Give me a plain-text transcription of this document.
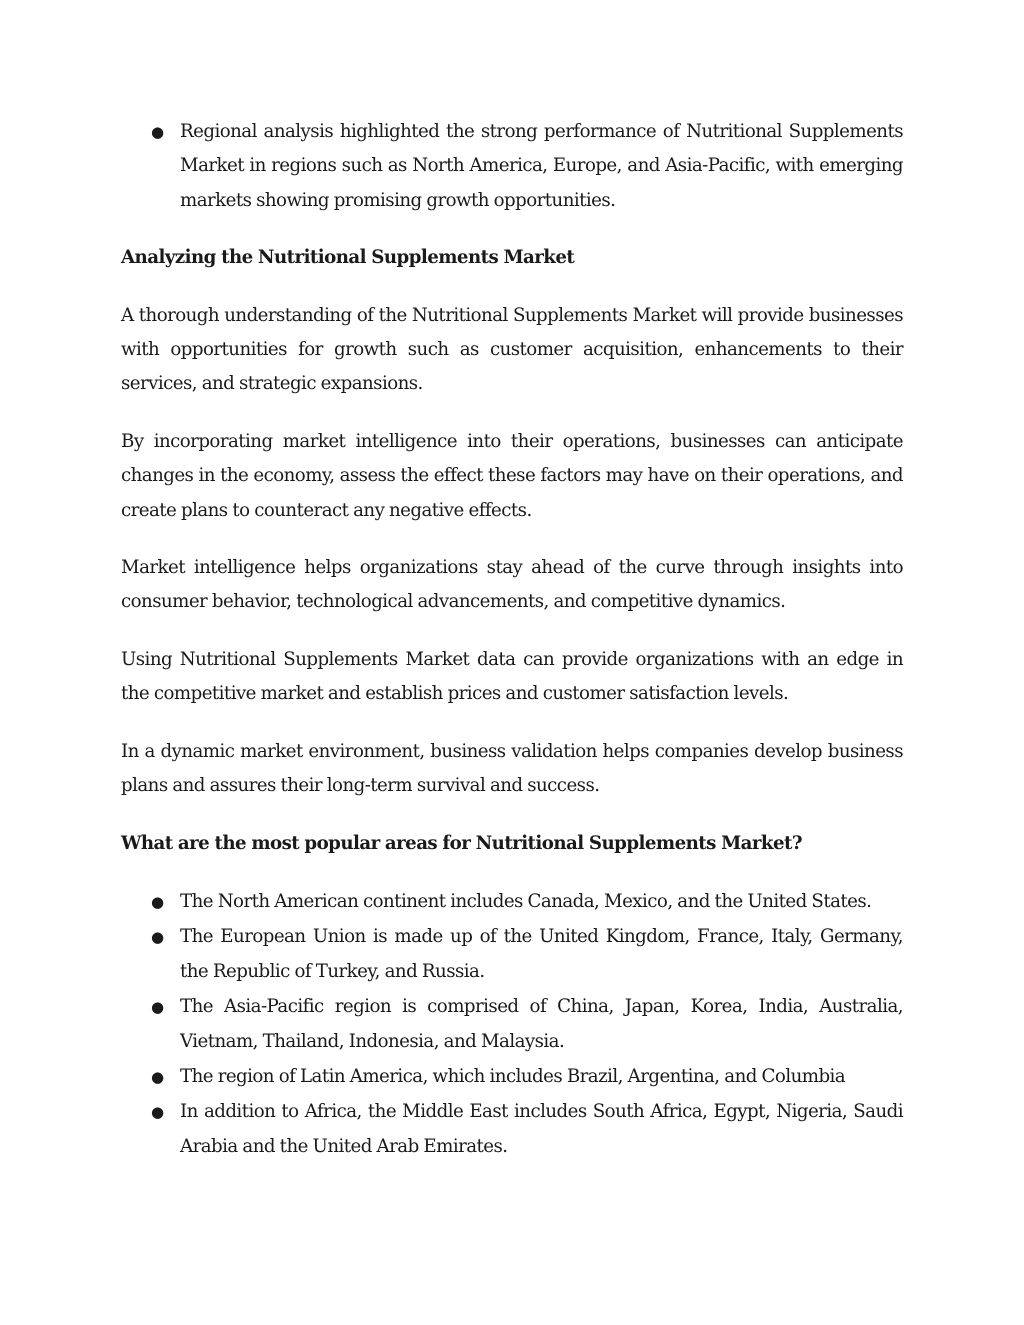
● Regional analysis highlighted the strong performance of Nutritional Supplements Market in regions such as North America, Europe, and Asia-Pacific, with emerging markets showing promising growth opportunities.
Analyzing the Nutritional Supplements Market

A thorough understanding of the Nutritional Supplements Market will provide businesses with opportunities for growth such as customer acquisition, enhancements to their services, and strategic expansions.

By incorporating market intelligence into their operations, businesses can anticipate changes in the economy, assess the effect these factors may have on their operations, and create plans to counteract any negative effects.

Market intelligence helps organizations stay ahead of the curve through insights into consumer behavior, technological advancements, and competitive dynamics.

Using Nutritional Supplements Market data can provide organizations with an edge in the competitive market and establish prices and customer satisfaction levels.

In a dynamic market environment, business validation helps companies develop business plans and assures their long-term survival and success.

What are the most popular areas for Nutritional Supplements Market?
● The North American continent includes Canada, Mexico, and the United States.
● The European Union is made up of the United Kingdom, France, Italy, Germany, the Republic of Turkey, and Russia.
● The Asia-Pacific region is comprised of China, Japan, Korea, India, Australia, Vietnam, Thailand, Indonesia, and Malaysia.
● The region of Latin America, which includes Brazil, Argentina, and Columbia
● In addition to Africa, the Middle East includes South Africa, Egypt, Nigeria, Saudi Arabia and the United Arab Emirates.
